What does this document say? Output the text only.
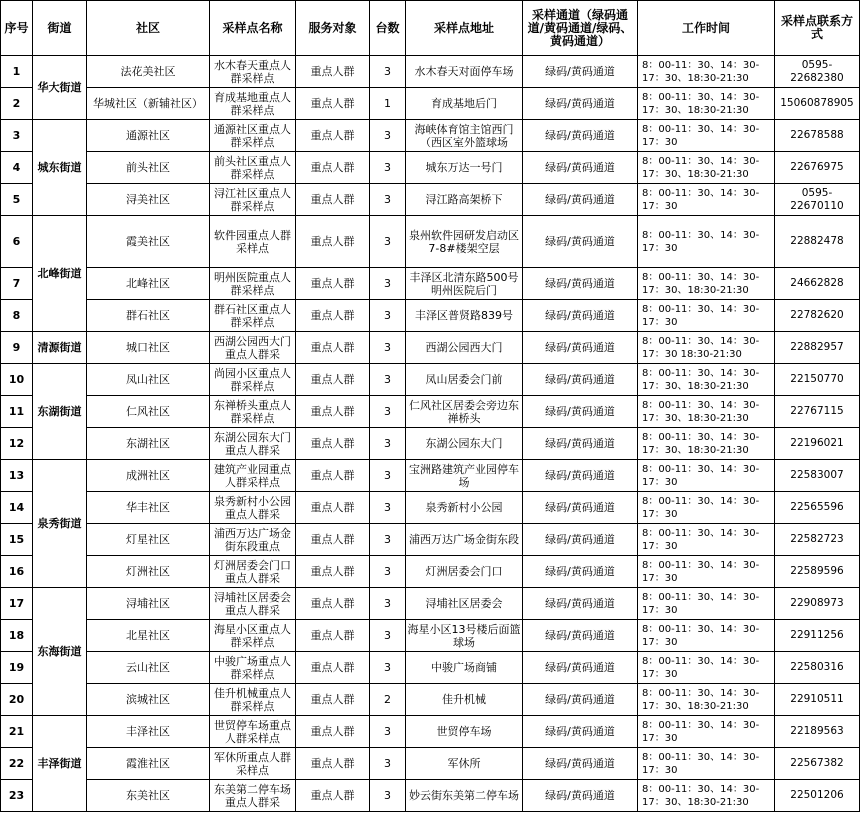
序号	街道	社区	采样点名称	服务对象	台数	采样点地址	采样通道（绿码通道/黄码通道/绿码、黄码通道）	工作时间	采样点联系方式
1	华大街道	法花美社区	水木春天重点人群采样点	重点人群	3	水木春天对面停车场	绿码/黄码通道	8：00-11：30、14：30-17：30、18:30-21:30	0595-22682380
2		华城社区（新辅社区）	育成基地重点人群采样点	重点人群	1	育成基地后门	绿码/黄码通道	8：00-11：30、14：30-17：30、18:30-21:30	15060878905
3	城东街道	通源社区	通源社区重点人群采样点	重点人群	3	海峡体育馆主馆西门（西区室外篮球场	绿码/黄码通道	8：00-11：30、14：30-17：30	22678588
4		前头社区	前头社区重点人群采样点	重点人群	3	城东万达一号门	绿码/黄码通道	8：00-11：30、14：30-17：30、18:30-21:30	22676975
5		浔美社区	浔江社区重点人群采样点	重点人群	3	浔江路高架桥下	绿码/黄码通道	8：00-11：30、14：30-17：30	0595-22670110
6	北峰街道	霞美社区	软件园重点人群采样点	重点人群	3	泉州软件园研发启动区7-8#楼架空层	绿码/黄码通道	8：00-11：30、14：30-17：30	22882478
7		北峰社区	明州医院重点人群采样点	重点人群	3	丰泽区北清东路500号明州医院后门	绿码/黄码通道	8：00-11：30、14：30-17：30、18:30-21:30	24662828
8		群石社区	群石社区重点人群采样点	重点人群	3	丰泽区普贤路839号	绿码/黄码通道	8：00-11：30、14：30-17：30	22782620
9	清源街道	城口社区	西湖公园西大门重点人群采	重点人群	3	西湖公园西大门	绿码/黄码通道	8：00-11：30、14：30-17：30 18:30-21:30	22882957
10	东湖街道	凤山社区	尚园小区重点人群采样点	重点人群	3	凤山居委会门前	绿码/黄码通道	8：00-11：30、14：30-17：30、18:30-21:30	22150770
11		仁风社区	东禅桥头重点人群采样点	重点人群	3	仁风社区居委会旁边东禅桥头	绿码/黄码通道	8：00-11：30、14：30-17：30、18:30-21:30	22767115
12		东湖社区	东湖公园东大门重点人群采	重点人群	3	东湖公园东大门	绿码/黄码通道	8：00-11：30、14：30-17：30、18:30-21:30	22196021
13	泉秀街道	成洲社区	建筑产业园重点人群采样点	重点人群	3	宝洲路建筑产业园停车场	绿码/黄码通道	8：00-11：30、14：30-17：30	22583007
14		华丰社区	泉秀新村小公园重点人群采	重点人群	3	泉秀新村小公园	绿码/黄码通道	8：00-11：30、14：30-17：30	22565596
15		灯星社区	浦西万达广场金街东段重点	重点人群	3	浦西万达广场金街东段	绿码/黄码通道	8：00-11：30、14：30-17：30	22582723
16		灯洲社区	灯洲居委会门口重点人群采	重点人群	3	灯洲居委会门口	绿码/黄码通道	8：00-11：30、14：30-17：30	22589596
17	东海街道	浔埔社区	浔埔社区居委会重点人群采	重点人群	3	浔埔社区居委会	绿码/黄码通道	8：00-11：30、14：30-17：30	22908973
18		北星社区	海星小区重点人群采样点	重点人群	3	海星小区13号楼后面篮球场	绿码/黄码通道	8：00-11：30、14：30-17：30	22911256
19		云山社区	中骏广场重点人群采样点	重点人群	3	中骏广场商铺	绿码/黄码通道	8：00-11：30、14：30-17：30	22580316
20		滨城社区	佳升机械重点人群采样点	重点人群	2	佳升机械	绿码/黄码通道	8：00-11：30、14：30-17：30、18:30-21:30	22910511
21	丰泽街道	丰泽社区	世贸停车场重点人群采样点	重点人群	3	世贸停车场	绿码/黄码通道	8：00-11：30、14：30-17：30	22189563
22		霞淮社区	军休所重点人群采样点	重点人群	3	军休所	绿码/黄码通道	8：00-11：30、14：30-17：30	22567382
23		东美社区	东美第二停车场重点人群采	重点人群	3	妙云街东美第二停车场	绿码/黄码通道	8：00-11：30、14：30-17：30、18:30-21:30	22501206
